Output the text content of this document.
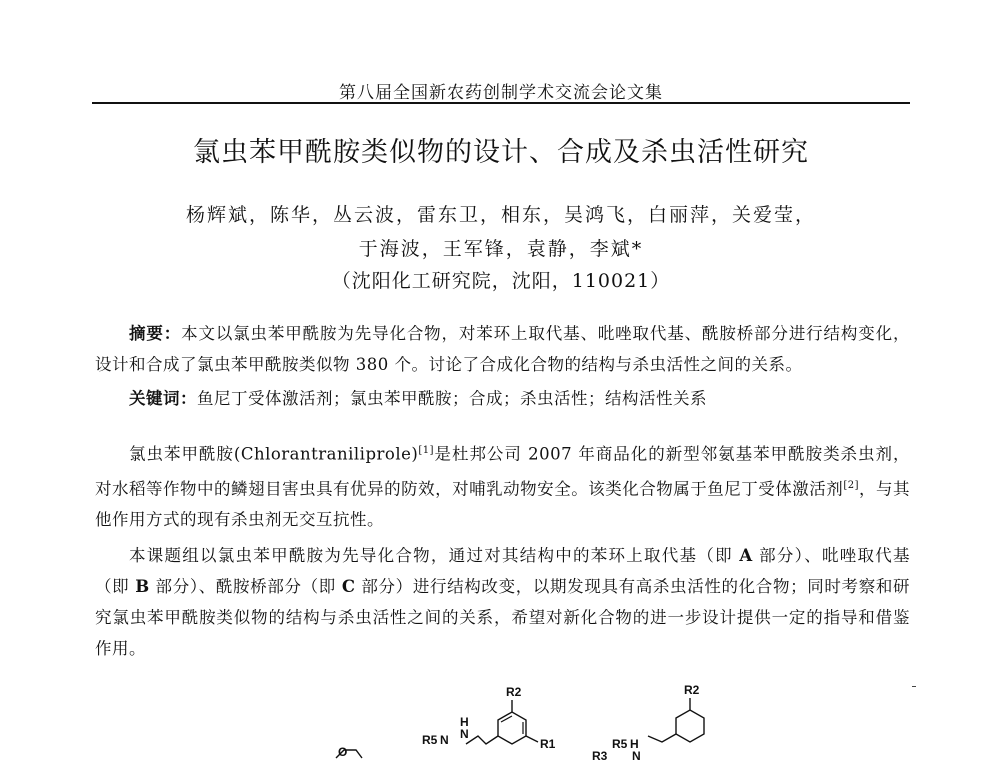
第八届全国新农药创制学术交流会论文集
氯虫苯甲酰胺类似物的设计、合成及杀虫活性研究
杨辉斌，陈华，丛云波，雷东卫，相东，吴鸿飞，白丽萍，关爱莹，
于海波，王军锋，袁静，李斌*
（沈阳化工研究院，沈阳，110021）
摘要：本文以氯虫苯甲酰胺为先导化合物，对苯环上取代基、吡唑取代基、酰胺桥部分进行结构变化，设计和合成了氯虫苯甲酰胺类似物 380 个。讨论了合成化合物的结构与杀虫活性之间的关系。
关键词：鱼尼丁受体激活剂；氯虫苯甲酰胺；合成；杀虫活性；结构活性关系
氯虫苯甲酰胺(Chlorantraniliprole)[1]是杜邦公司 2007 年商品化的新型邻氨基苯甲酰胺类杀虫剂，对水稻等作物中的鳞翅目害虫具有优异的防效，对哺乳动物安全。该类化合物属于鱼尼丁受体激活剂[2]，与其他作用方式的现有杀虫剂无交互抗性。
本课题组以氯虫苯甲酰胺为先导化合物，通过对其结构中的苯环上取代基（即 A 部分）、吡唑取代基（即 B 部分）、酰胺桥部分（即 C 部分）进行结构改变，以期发现具有高杀虫活性的化合物；同时考察和研究氯虫苯甲酰胺类似物的结构与杀虫活性之间的关系，希望对新化合物的进一步设计提供一定的指导和借鉴作用。
O
R2
R1
H
N
R5 N
R2
R5 H
R3 N
